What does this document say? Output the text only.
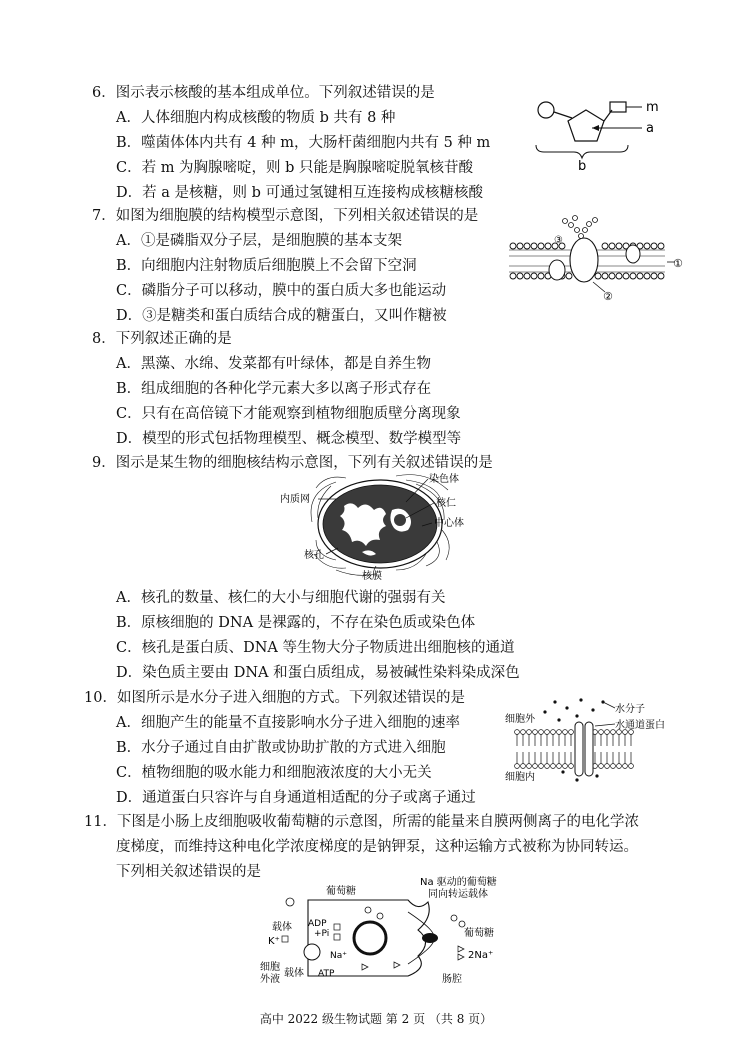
6．图示表示核酸的基本组成单位。下列叙述错误的是
A．人体细胞内构成核酸的物质 b 共有 8 种
B．噬菌体体内共有 4 种 m，大肠杆菌细胞内共有 5 种 m
C．若 m 为胸腺嘧啶，则 b 只能是胸腺嘧啶脱氧核苷酸
D．若 a 是核糖，则 b 可通过氢键相互连接构成核糖核酸
m
a
b
7．如图为细胞膜的结构模型示意图，下列相关叙述错误的是
A．①是磷脂双分子层，是细胞膜的基本支架
B．向细胞内注射物质后细胞膜上不会留下空洞
C．磷脂分子可以移动，膜中的蛋白质大多也能运动
D．③是糖类和蛋白质结合成的糖蛋白，又叫作糖被
③
①
②
8．下列叙述正确的是
A．黑藻、水绵、发菜都有叶绿体，都是自养生物
B．组成细胞的各种化学元素大多以离子形式存在
C．只有在高倍镜下才能观察到植物细胞质壁分离现象
D．模型的形式包括物理模型、概念模型、数学模型等
9．图示是某生物的细胞核结构示意图，下列有关叙述错误的是
内质网
染色体
核仁
中心体
核孔
核膜
A．核孔的数量、核仁的大小与细胞代谢的强弱有关
B．原核细胞的 DNA 是裸露的，不存在染色质或染色体
C．核孔是蛋白质、DNA 等生物大分子物质进出细胞核的通道
D．染色质主要由 DNA 和蛋白质组成，易被碱性染料染成深色
10．如图所示是水分子进入细胞的方式。下列叙述错误的是
A．细胞产生的能量不直接影响水分子进入细胞的速率
B．水分子通过自由扩散或协助扩散的方式进入细胞
C．植物细胞的吸水能力和细胞液浓度的大小无关
D．通道蛋白只容许与自身通道相适配的分子或离子通过
水分子
细胞外
水通道蛋白
细胞内
11．下图是小肠上皮细胞吸收葡萄糖的示意图，所需的能量来自膜两侧离子的电化学浓
度梯度，而维持这种电化学浓度梯度的是钠钾泵，这种运输方式被称为协同转运。
下列相关叙述错误的是
Na 驱动的葡萄糖
同向转运载体
葡萄糖
葡萄糖
载体 ADP
+Pi
K⁺
Na⁺
细胞
外液
载体 ATP
2Na⁺
肠腔
高中 2022 级生物试题 第 2 页 （共 8 页）
